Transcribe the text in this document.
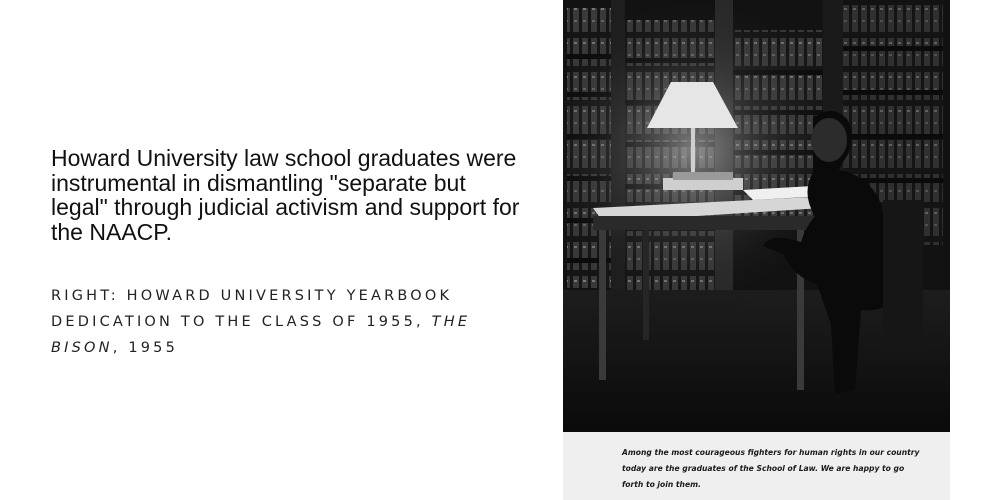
Howard University law school graduates were instrumental in dismantling "separate but legal" through judicial activism and support for the NAACP.

RIGHT: HOWARD UNIVERSITY YEARBOOK DEDICATION TO THE CLASS OF 1955, THE BISON, 1955

Among the most courageous fighters for human rights in our country today are the graduates of the School of Law. We are happy to go forth to join them.
